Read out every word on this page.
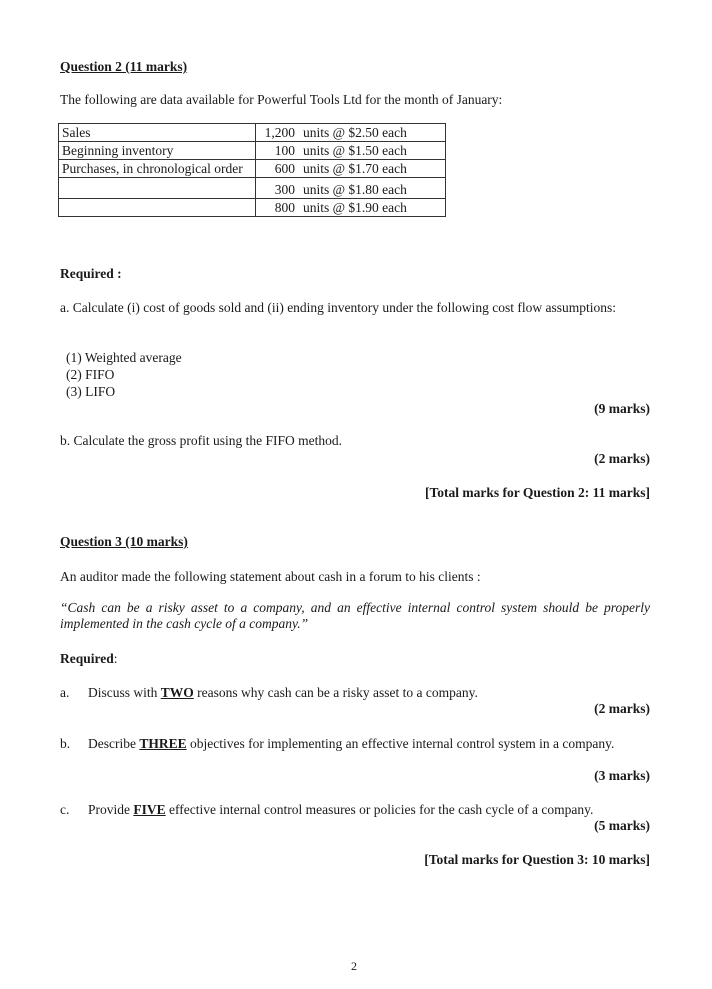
Question 2 (11 marks)

The following are data available for Powerful Tools Ltd for the month of January:

Sales	1,200 units @ $2.50 each
Beginning inventory	100 units @ $1.50 each

Purchases, in chronological order	600 units @ $1.70 each
	300 units @ $1.80 each
	800 units @ $1.90 each

Required :

a. Calculate (i) cost of goods sold and (ii) ending inventory under the following cost flow assumptions:

(1) Weighted average

(2) FIFO

(3) LIFO

(9 marks)

b. Calculate the gross profit using the FIFO method.

(2 marks)

[Total marks for Question 2: 11 marks]

Question 3 (10 marks)

An auditor made the following statement about cash in a forum to his clients :

“Cash can be a risky asset to a company, and an effective internal control system should be properly implemented in the cash cycle of a company.”

Required:

a. Discuss with TWO reasons why cash can be a risky asset to a company.

(2 marks)

b. Describe THREE objectives for implementing an effective internal control system in a company.

(3 marks)

c. Provide FIVE effective internal control measures or policies for the cash cycle of a company.

(5 marks)

[Total marks for Question 3: 10 marks]

2
